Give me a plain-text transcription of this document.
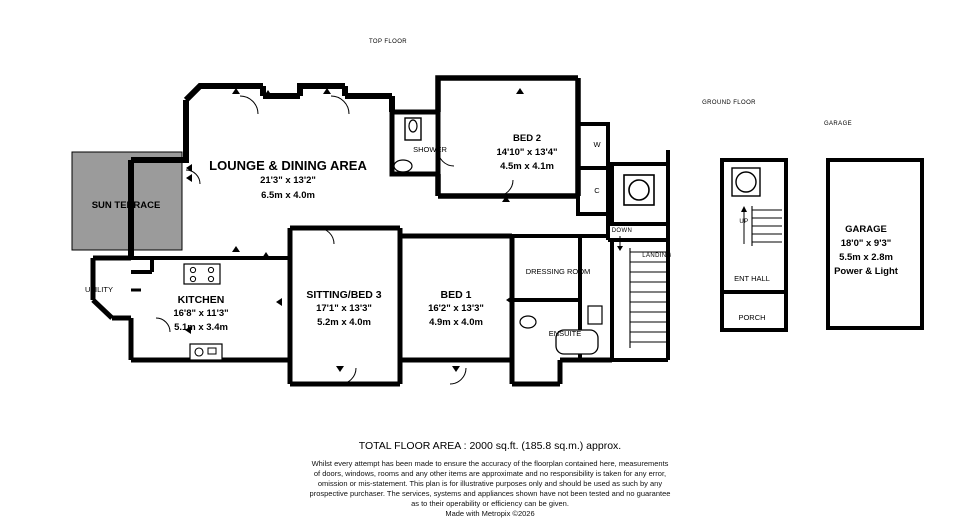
TOP FLOOR
GROUND FLOOR
GARAGE
SUN TERRACE
LOUNGE & DINING AREA
21'3" x 13'2"
6.5m x 4.0m
SHOWER
BED 2
14'10" x 13'4"
4.5m x 4.1m
W
C
DOWN
LANDING
UTILITY
KITCHEN
16'8" x 11'3"
5.1m x 3.4m
SITTING/BED 3
17'1" x 13'3"
5.2m x 4.0m
BED 1
16'2" x 13'3"
4.9m x 4.0m
DRESSING ROOM
ENSUITE
UP
ENT HALL
PORCH
GARAGE
18'0" x 9'3"
5.5m x 2.8m
Power & Light
TOTAL FLOOR AREA : 2000 sq.ft. (185.8 sq.m.) approx.
Whilst every attempt has been made to ensure the accuracy of the floorplan contained here, measurements
of doors, windows, rooms and any other items are approximate and no responsibility is taken for any error,
omission or mis-statement. This plan is for illustrative purposes only and should be used as such by any
prospective purchaser. The services, systems and appliances shown have not been tested and no guarantee
as to their operability or efficiency can be given.
Made with Metropix ©2026
